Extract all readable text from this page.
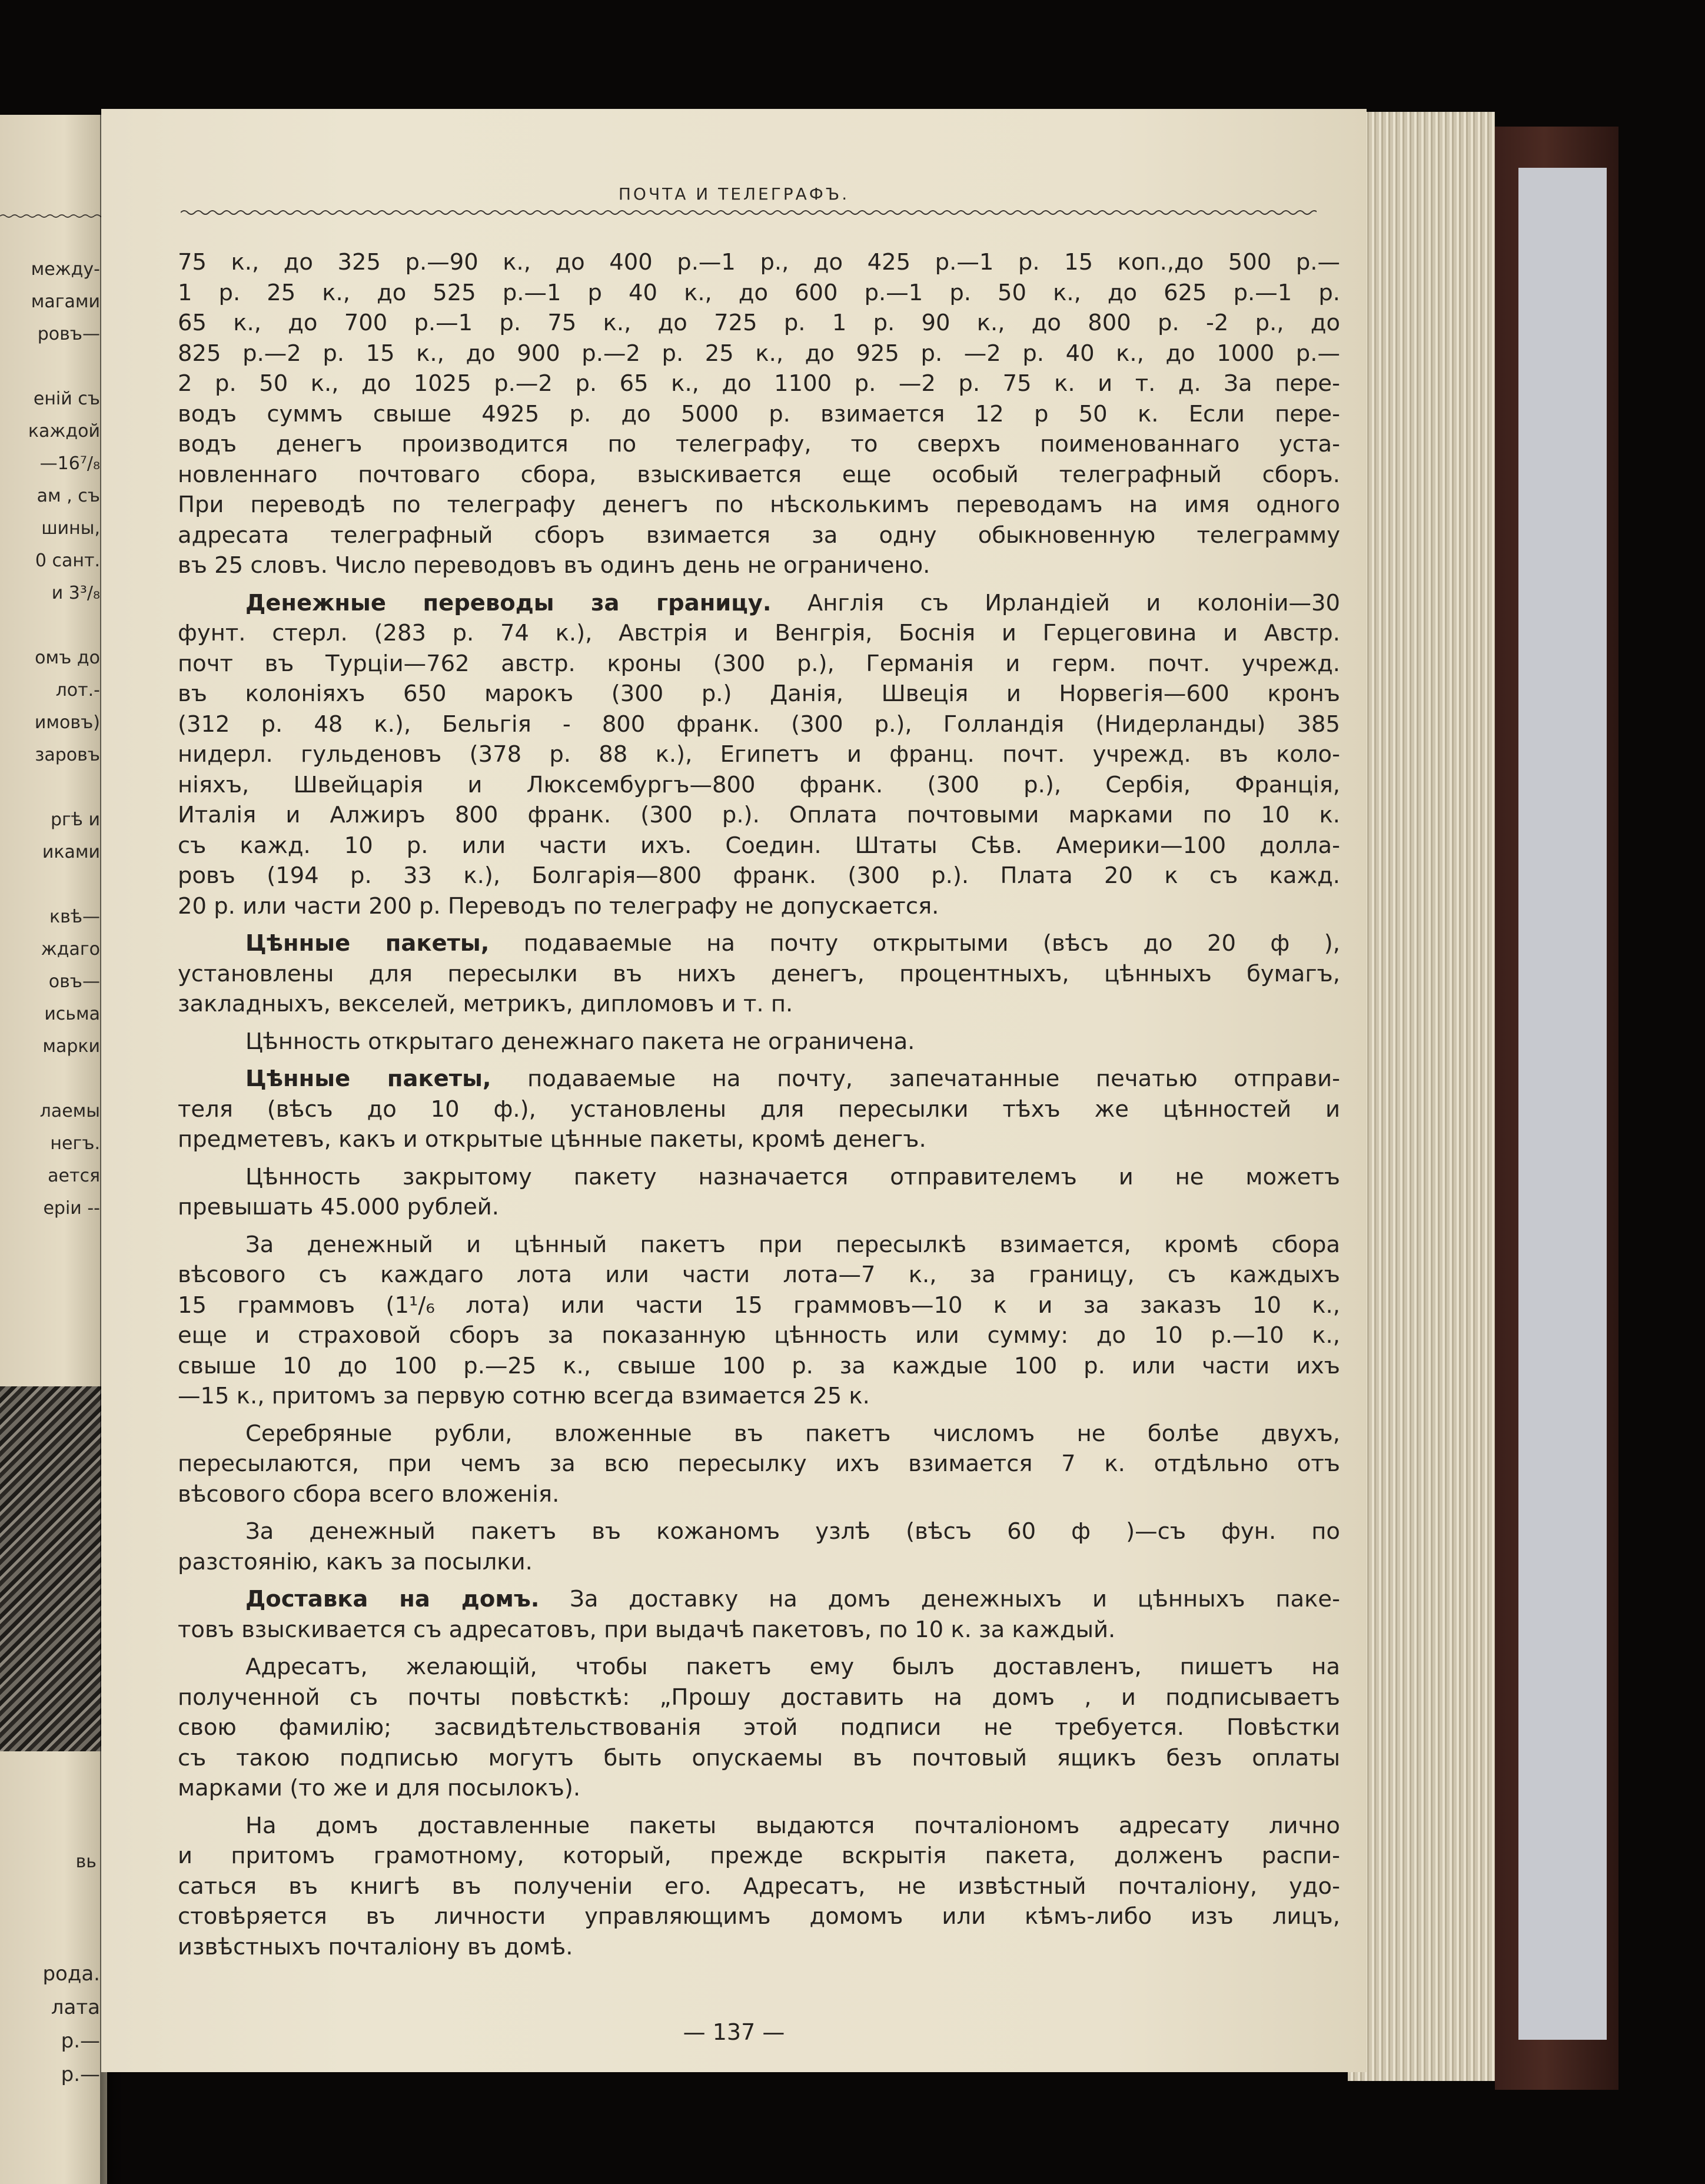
между-
магами
ровъ—

еній съ
каждой
—16⁷/₈
ам , съ
шины,
0 сант.
и 3³/₈

омъ до
лот.-
имовъ)
заровъ

ргѣ и
иками

квѣ—
ждаго
овъ—
исьма
марки

лаемы
негъ.
ается
ерiи --
вь
рода.
лата
р.—
р.—
ПОЧТА И ТЕЛЕГРАФЪ.

75 к., до 325 р.—90 к., до 400 р.—1 р., до 425 р.—1 р. 15 коп.,до 500 р.—
1 р. 25 к., до 525 р.—1 р 40 к., до 600 р.—1 р. 50 к., до 625 р.—1 р.
65 к., до 700 р.—1 р. 75 к., до 725 р. 1 р. 90 к., до 800 р. -2 р., до
825 р.—2 р. 15 к., до 900 р.—2 р. 25 к., до 925 р. —2 р. 40 к., до 1000 р.—
2 р. 50 к., до 1025 р.—2 р. 65 к., до 1100 р. —2 р. 75 к. и т. д. За пере-
водъ суммъ свыше 4925 р. до 5000 р. взимается 12 р 50 к. Если пере-
водъ денегъ производится по телеграфу, то сверхъ поименованнаго уста-
новленнаго почтоваго сбора, взыскивается еще особый телеграфный сборъ.
При переводѣ по телеграфу денегъ по нѣсколькимъ переводамъ на имя одного
адресата телеграфный сборъ взимается за одну обыкновенную телеграмму
въ 25 словъ. Число переводовъ въ одинъ день не ограничено.

Денежные переводы за границу. Англiя съ Ирландiей и колонiи—30
фунт. стерл. (283 р. 74 к.), Австрiя и Венгрiя, Боснiя и Герцеговина и Австр.
почт въ Турцiи—762 австр. кроны (300 р.), Германiя и герм. почт. учрежд.
въ колонiяхъ 650 марокъ (300 р.) Данiя, Швецiя и Норвегiя—600 кронъ
(312 р. 48 к.), Бельгiя - 800 франк. (300 р.), Голландiя (Нидерланды) 385
нидерл. гульденовъ (378 р. 88 к.), Египетъ и франц. почт. учрежд. въ коло-
нiяхъ, Швейцарiя и Люксембургъ—800 франк. (300 р.), Сербiя, Францiя,
Италiя и Алжиръ 800 франк. (300 р.). Оплата почтовыми марками по 10 к.
съ кажд. 10 р. или части ихъ. Соедин. Штаты Сѣв. Америки—100 долла-
ровъ (194 р. 33 к.), Болгарiя—800 франк. (300 р.). Плата 20 к съ кажд.
20 р. или части 200 р. Переводъ по телеграфу не допускается.

Цѣнные пакеты, подаваемые на почту открытыми (вѣсъ до 20 ф ),
установлены для пересылки въ нихъ денегъ, процентныхъ, цѣнныхъ бумагъ,
закладныхъ, векселей, метрикъ, дипломовъ и т. п.

Цѣнность открытаго денежнаго пакета не ограничена.

Цѣнные пакеты, подаваемые на почту, запечатанные печатью отправи-
теля (вѣсъ до 10 ф.), установлены для пересылки тѣхъ же цѣнностей и
предметевъ, какъ и открытые цѣнные пакеты, кромѣ денегъ.

Цѣнность закрытому пакету назначается отправителемъ и не можетъ
превышать 45.000 рублей.

За денежный и цѣнный пакетъ при пересылкѣ взимается, кромѣ сбора
вѣсового съ каждаго лота или части лота—7 к., за границу, съ каждыхъ
15 граммовъ (1¹/₆ лота) или части 15 граммовъ—10 к и за заказъ 10 к.,
еще и страховой сборъ за показанную цѣнность или сумму: до 10 р.—10 к.,
свыше 10 до 100 р.—25 к., свыше 100 р. за каждые 100 р. или части ихъ
—15 к., притомъ за первую сотню всегда взимается 25 к.

Серебряные рубли, вложенные въ пакетъ числомъ не болѣе двухъ,
пересылаются, при чемъ за всю пересылку ихъ взимается 7 к. отдѣльно отъ
вѣсового сбора всего вложенiя.

За денежный пакетъ въ кожаномъ узлѣ (вѣсъ 60 ф )—съ фун. по
разстоянiю, какъ за посылки.

Доставка на домъ. За доставку на домъ денежныхъ и цѣнныхъ паке-
товъ взыскивается съ адресатовъ, при выдачѣ пакетовъ, по 10 к. за каждый.

Адресатъ, желающiй, чтобы пакетъ ему былъ доставленъ, пишетъ на
полученной съ почты повѣсткѣ: „Прошу доставить на домъ , и подписываетъ
свою фамилiю; засвидѣтельствованiя этой подписи не требуется. Повѣстки
съ такою подписью могутъ быть опускаемы въ почтовый ящикъ безъ оплаты
марками (то же и для посылокъ).

На домъ доставленные пакеты выдаются почталiономъ адресату лично
и притомъ грамотному, который, прежде вскрытiя пакета, долженъ распи-
саться въ книгѣ въ полученiи его. Адресатъ, не извѣстный почталiону, удо-
стовѣряется въ личности управляющимъ домомъ или кѣмъ-либо изъ лицъ,
извѣстныхъ почталiону въ домѣ.

— 137 —
